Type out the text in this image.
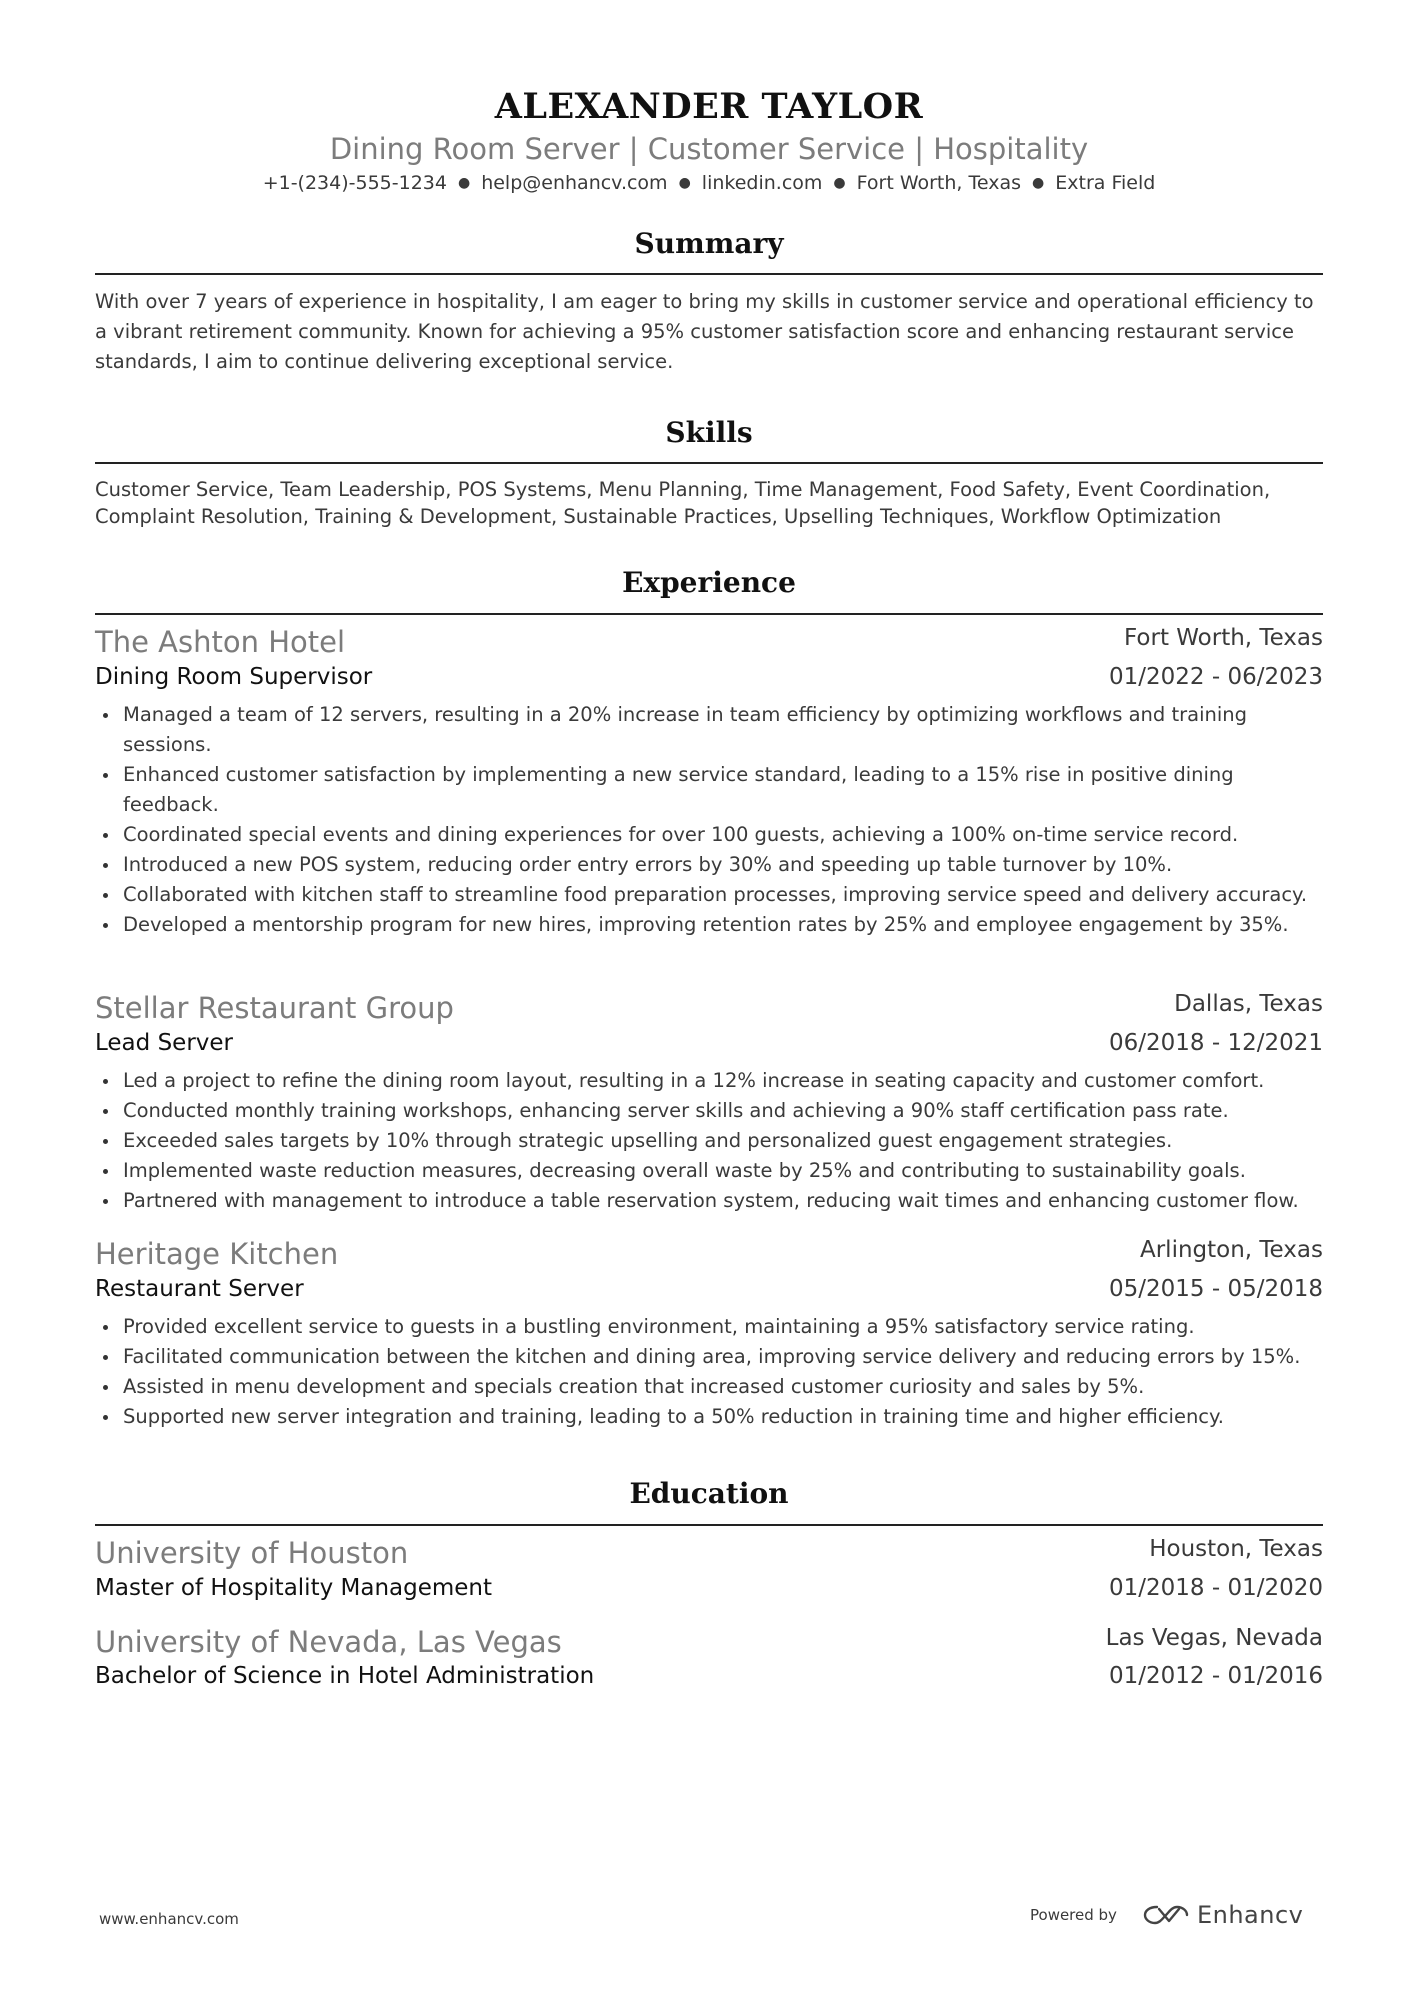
ALEXANDER TAYLOR
Dining Room Server | Customer Service | Hospitality
+1-(234)-555-1234 ● help@enhancv.com ● linkedin.com ● Fort Worth, Texas ● Extra Field
Summary
With over 7 years of experience in hospitality, I am eager to bring my skills in customer service and operational efficiency to a vibrant retirement community. Known for achieving a 95% customer satisfaction score and enhancing restaurant service standards, I aim to continue delivering exceptional service.
Skills
Customer Service, Team Leadership, POS Systems, Menu Planning, Time Management, Food Safety, Event Coordination, Complaint Resolution, Training & Development, Sustainable Practices, Upselling Techniques, Workflow Optimization
Experience
The Ashton Hotel	Fort Worth, Texas
Dining Room Supervisor	01/2022 - 06/2023
Managed a team of 12 servers, resulting in a 20% increase in team efficiency by optimizing workflows and training sessions.
Enhanced customer satisfaction by implementing a new service standard, leading to a 15% rise in positive dining feedback.
Coordinated special events and dining experiences for over 100 guests, achieving a 100% on-time service record.
Introduced a new POS system, reducing order entry errors by 30% and speeding up table turnover by 10%.
Collaborated with kitchen staff to streamline food preparation processes, improving service speed and delivery accuracy.
Developed a mentorship program for new hires, improving retention rates by 25% and employee engagement by 35%.
Stellar Restaurant Group	Dallas, Texas
Lead Server	06/2018 - 12/2021
Led a project to refine the dining room layout, resulting in a 12% increase in seating capacity and customer comfort.
Conducted monthly training workshops, enhancing server skills and achieving a 90% staff certification pass rate.
Exceeded sales targets by 10% through strategic upselling and personalized guest engagement strategies.
Implemented waste reduction measures, decreasing overall waste by 25% and contributing to sustainability goals.
Partnered with management to introduce a table reservation system, reducing wait times and enhancing customer flow.
Heritage Kitchen	Arlington, Texas
Restaurant Server	05/2015 - 05/2018
Provided excellent service to guests in a bustling environment, maintaining a 95% satisfactory service rating.
Facilitated communication between the kitchen and dining area, improving service delivery and reducing errors by 15%.
Assisted in menu development and specials creation that increased customer curiosity and sales by 5%.
Supported new server integration and training, leading to a 50% reduction in training time and higher efficiency.
Education
University of Houston	Houston, Texas
Master of Hospitality Management	01/2018 - 01/2020
University of Nevada, Las Vegas	Las Vegas, Nevada
Bachelor of Science in Hotel Administration	01/2012 - 01/2016
www.enhancv.com	Powered by	Enhancv
